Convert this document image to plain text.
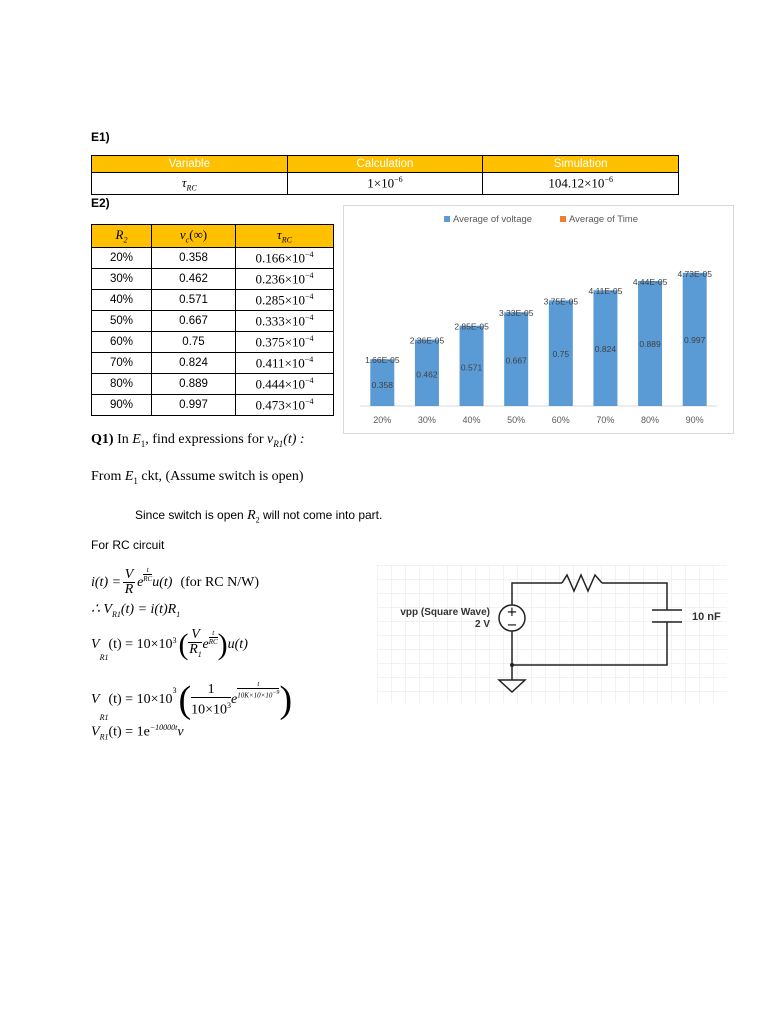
E1)
Variable	Calculation	Simulation
$\tau_{RC}$	$1\times 10^{-6}$	$104.12\times 10^{-6}$
E2)
$R_2$	$v_c(\infty)$	$\tau_{RC}$
20%	0.358	$0.166\times 10^{-4}$
30%	0.462	$0.236\times 10^{-4}$
40%	0.571	$0.285\times 10^{-4}$
50%	0.667	$0.333\times 10^{-4}$
60%	0.75	$0.375\times 10^{-4}$
70%	0.824	$0.411\times 10^{-4}$
80%	0.889	$0.444\times 10^{-4}$
90%	0.997	$0.473\times 10^{-4}$
Average of voltage	Average of Time
20%
1.66E-05
0.358
30%
2.36E-05
0.462
40%
2.85E-05
0.571
50%
3.33E-05
0.667
60%
3.75E-05
0.75
70%
4.11E-05
0.824
80%
4.44E-05
0.889
90%
4.73E-05
0.997
Q1) In $E_1$, find expressions for $v_{R1}(t)$ :
From $E_1$ ckt, (Assume switch is open)
Since switch is open $R_2$ will not come into part.
For RC circuit
$i(t) = \frac{V}{R}$ e $\frac{t}{RC} u(t)$ (for RC N/W)
∴ $V_{R1}(t) = i(t)R_1$
V
R1
$(t) = 10\times 10^3$ ( $\frac{V}{R_1}$ e $\frac{t}{RC}$ ) u(t)
V
R1
(t) = 10×10
$^3$ ( $\frac{1}{10\times 10^3}$ e $\frac{t}{10K\times 10\times 10^{-9}}$ )
$V_{R1}(t) = 1e^{-10000t}v$
+
−
vpp (Square Wave)
2 V
10 nF
